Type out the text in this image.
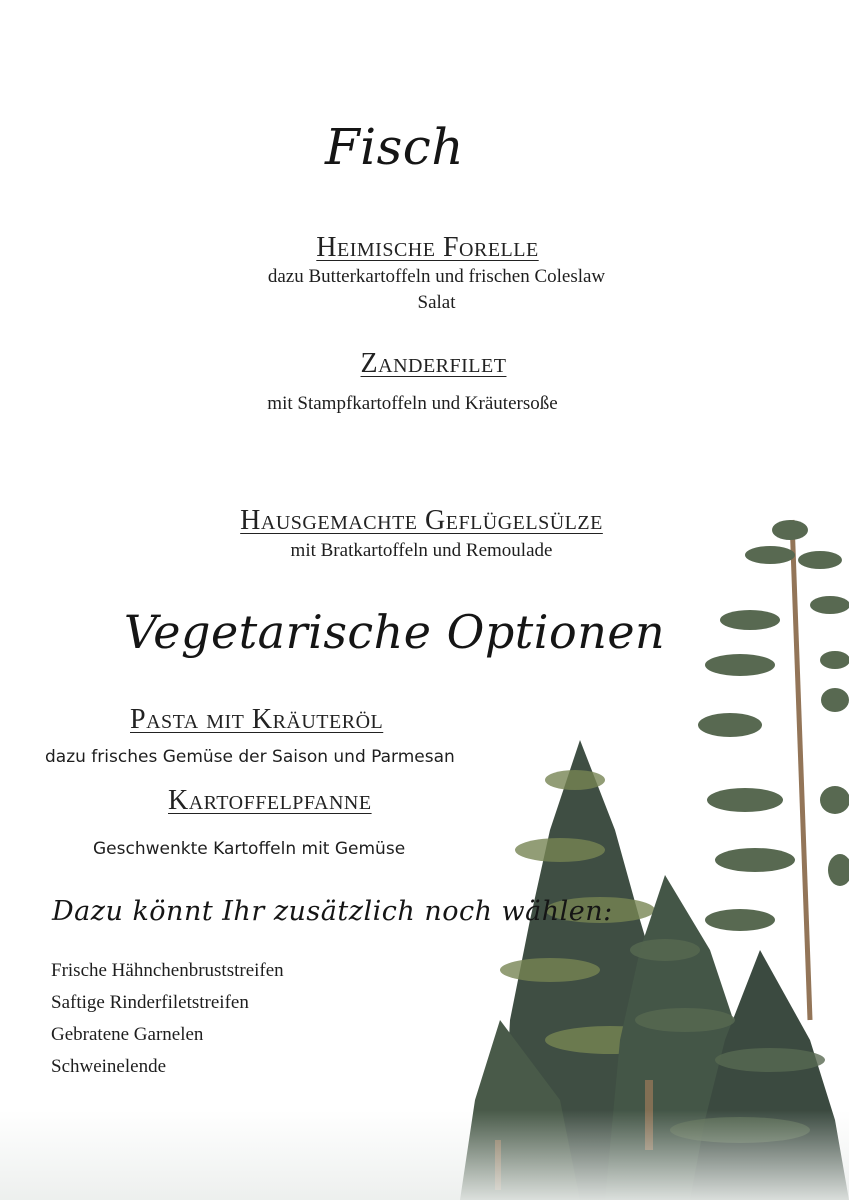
Fisch
Heimische Forelle
dazu Butterkartoffeln und frischen Coleslaw
Salat
Zanderfilet
mit Stampfkartoffeln und Kräutersoße
Hausgemachte Geflügelsülze
mit Bratkartoffeln und Remoulade
Vegetarische Optionen
Pasta mit Kräuteröl
dazu frisches Gemüse der Saison und Parmesan
Kartoffelpfanne
Geschwenkte Kartoffeln mit Gemüse
Dazu könnt Ihr zusätzlich noch wählen:
Frische Hähnchenbruststreifen
Saftige Rinderfiletstreifen
Gebratene Garnelen
Schweinelende
